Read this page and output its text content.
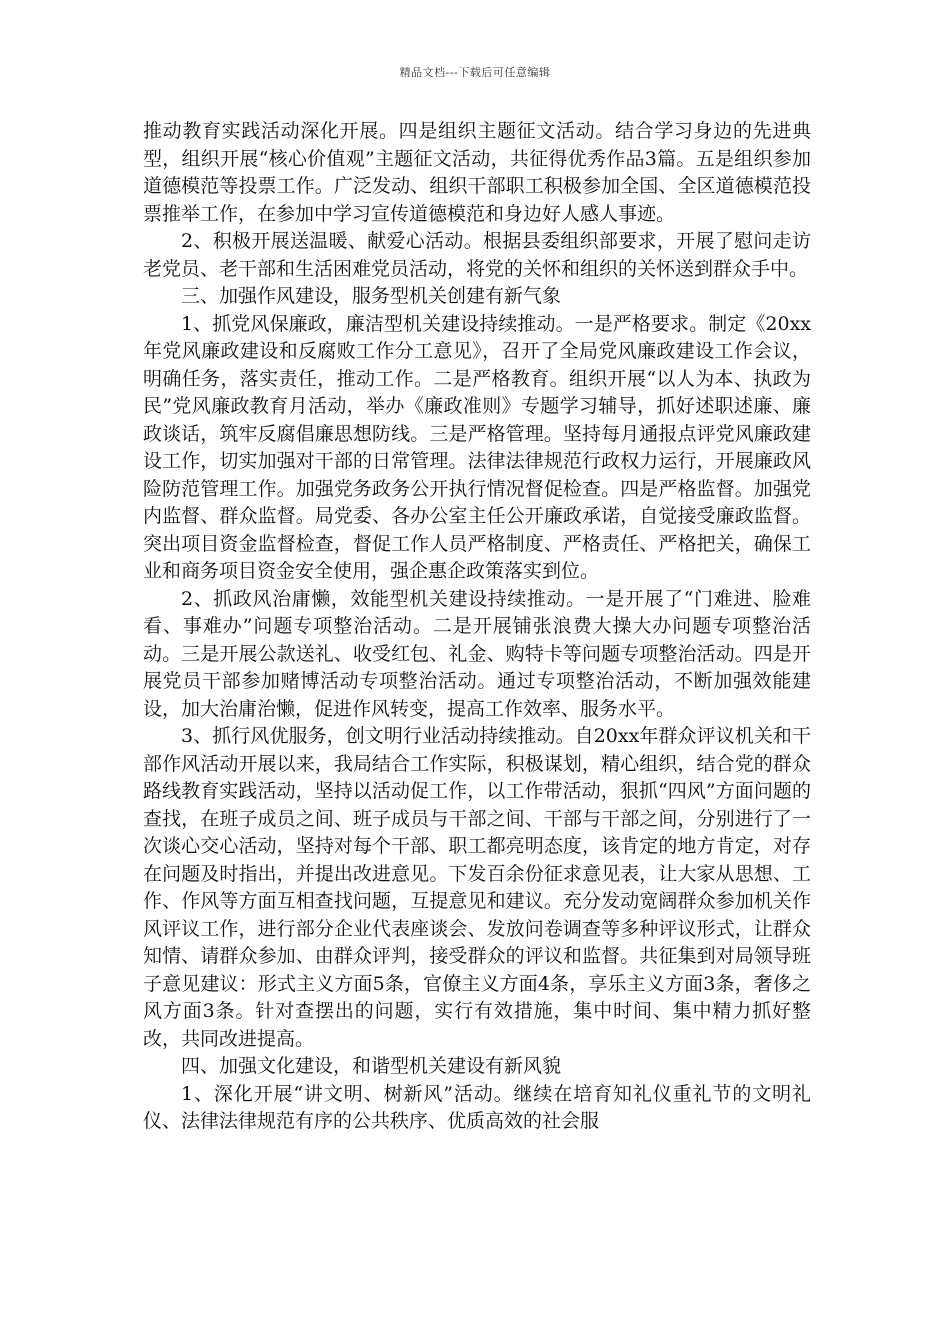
精品文档---下载后可任意编辑

推动教育实践活动深化开展。四是组织主题征文活动。结合学习身边的先进典型，组织开展“核心价值观”主题征文活动，共征得优秀作品3篇。五是组织参加道德模范等投票工作。广泛发动、组织干部职工积极参加全国、全区道德模范投票推举工作，在参加中学习宣传道德模范和身边好人感人事迹。

2、积极开展送温暖、献爱心活动。根据县委组织部要求，开展了慰问走访老党员、老干部和生活困难党员活动，将党的关怀和组织的关怀送到群众手中。

三、加强作风建设，服务型机关创建有新气象

1、抓党风保廉政，廉洁型机关建设持续推动。一是严格要求。制定《20xx年党风廉政建设和反腐败工作分工意见》，召开了全局党风廉政建设工作会议，明确任务，落实责任，推动工作。二是严格教育。组织开展“以人为本、执政为民”党风廉政教育月活动，举办《廉政准则》专题学习辅导，抓好述职述廉、廉政谈话，筑牢反腐倡廉思想防线。三是严格管理。坚持每月通报点评党风廉政建设工作，切实加强对干部的日常管理。法律法律规范行政权力运行，开展廉政风险防范管理工作。加强党务政务公开执行情况督促检查。四是严格监督。加强党内监督、群众监督。局党委、各办公室主任公开廉政承诺，自觉接受廉政监督。突出项目资金监督检查，督促工作人员严格制度、严格责任、严格把关，确保工业和商务项目资金安全使用，强企惠企政策落实到位。

2、抓政风治庸懒，效能型机关建设持续推动。一是开展了“门难进、脸难看、事难办”问题专项整治活动。二是开展铺张浪费大操大办问题专项整治活动。三是开展公款送礼、收受红包、礼金、购特卡等问题专项整治活动。四是开展党员干部参加赌博活动专项整治活动。通过专项整治活动，不断加强效能建设，加大治庸治懒，促进作风转变，提高工作效率、服务水平。

3、抓行风优服务，创文明行业活动持续推动。自20xx年群众评议机关和干部作风活动开展以来，我局结合工作实际，积极谋划，精心组织，结合党的群众路线教育实践活动，坚持以活动促工作，以工作带活动，狠抓“四风”方面问题的查找，在班子成员之间、班子成员与干部之间、干部与干部之间，分别进行了一次谈心交心活动，坚持对每个干部、职工都亮明态度，该肯定的地方肯定，对存在问题及时指出，并提出改进意见。下发百余份征求意见表，让大家从思想、工作、作风等方面互相查找问题，互提意见和建议。充分发动宽阔群众参加机关作风评议工作，进行部分企业代表座谈会、发放问卷调查等多种评议形式，让群众知情、请群众参加、由群众评判，接受群众的评议和监督。共征集到对局领导班子意见建议：形式主义方面5条，官僚主义方面4条，享乐主义方面3条，奢侈之风方面3条。针对查摆出的问题，实行有效措施，集中时间、集中精力抓好整改，共同改进提高。

四、加强文化建设，和谐型机关建设有新风貌

1、深化开展“讲文明、树新风”活动。继续在培育知礼仪重礼节的文明礼仪、法律法律规范有序的公共秩序、优质高效的社会服
